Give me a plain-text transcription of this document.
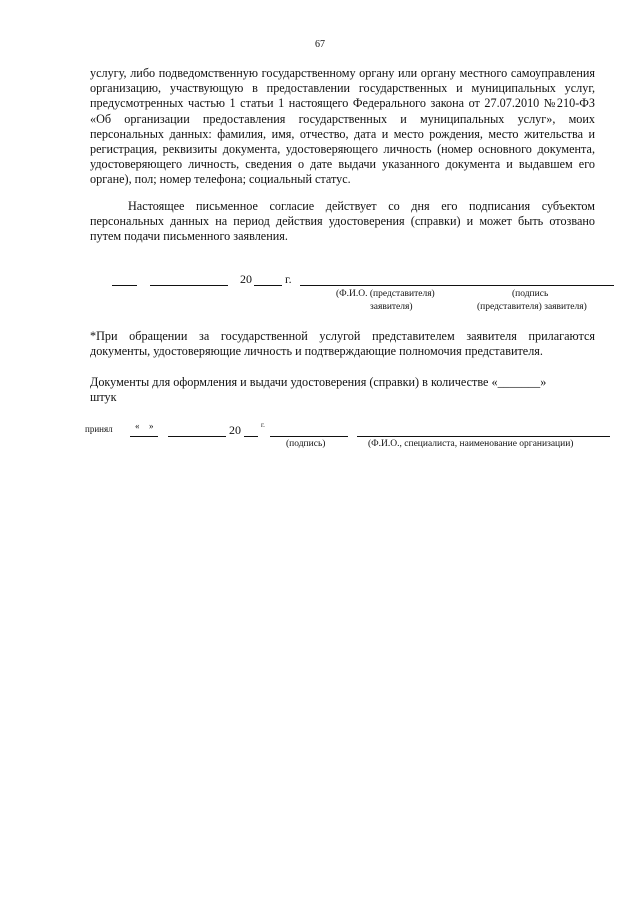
67
услугу, либо подведомственную государственному органу или органу местного самоуправления организацию, участвующую в предоставлении государственных и муниципальных услуг, предусмотренных частью 1 статьи 1 настоящего Федерального закона от 27.07.2010 №210-ФЗ «Об организации предоставления государственных и муниципальных услуг», моих персональных данных: фамилия, имя, отчество, дата и место рождения, место жительства и регистрация, реквизиты документа, удостоверяющего личность (номер основного документа, удостоверяющего личность, сведения о дате выдачи указанного документа и выдавшем его органе), пол; номер телефона; социальный статус.
Настоящее письменное согласие действует со дня его подписания субъектом персональных данных на период действия удостоверения (справки) и может быть отозвано путем подачи письменного заявления.
20	г.
(Ф.И.О. (представителя)
заявителя)
(подпись
(представителя) заявителя)
*При обращении за государственной услугой представителем заявителя прилагаются документы, удостоверяющие личность и подтверждающие полномочия представителя.
Документы для оформления и выдачи удостоверения (справки) в количестве «_______»
штук
принял « »	20	г.
(подпись)	(Ф.И.О., специалиста, наименование организации)
